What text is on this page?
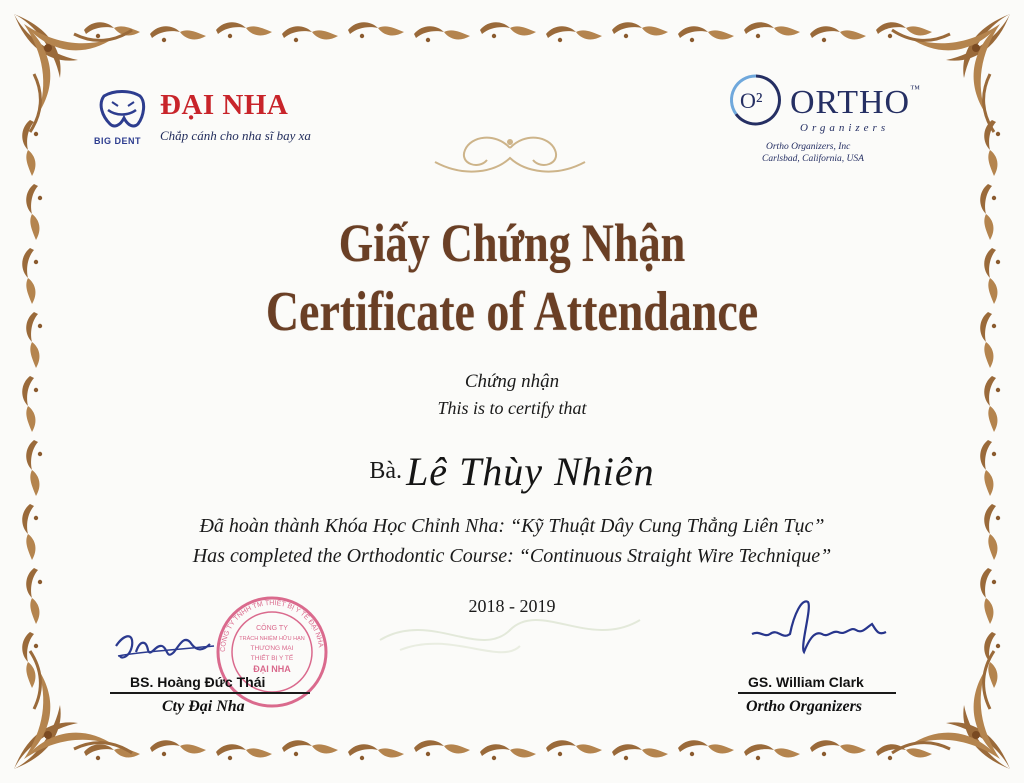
BIG DENT
ĐẠI NHA
Chắp cánh cho nha sĩ bay xa
O² ORTHO™
Organizers
Ortho Organizers, Inc
Carlsbad, California, USA
Giấy Chứng Nhận
Certificate of Attendance
Chứng nhận
This is to certify that
Bà. Lê Thùy Nhiên
Đã hoàn thành Khóa Học Chỉnh Nha: “Kỹ Thuật Dây Cung Thẳng Liên Tục”
Has completed the Orthodontic Course: “Continuous Straight Wire Technique”
2018 - 2019
CÔNG TY TNHH TM THIẾT BỊ Y TẾ ĐẠI NHA
CÔNG TY
TRÁCH NHIỆM HỮU HẠN
THƯƠNG MẠI
THIẾT BỊ Y TẾ
ĐẠI NHA
BS. Hoàng Đức Thái
Cty Đại Nha
GS. William Clark
Ortho Organizers
